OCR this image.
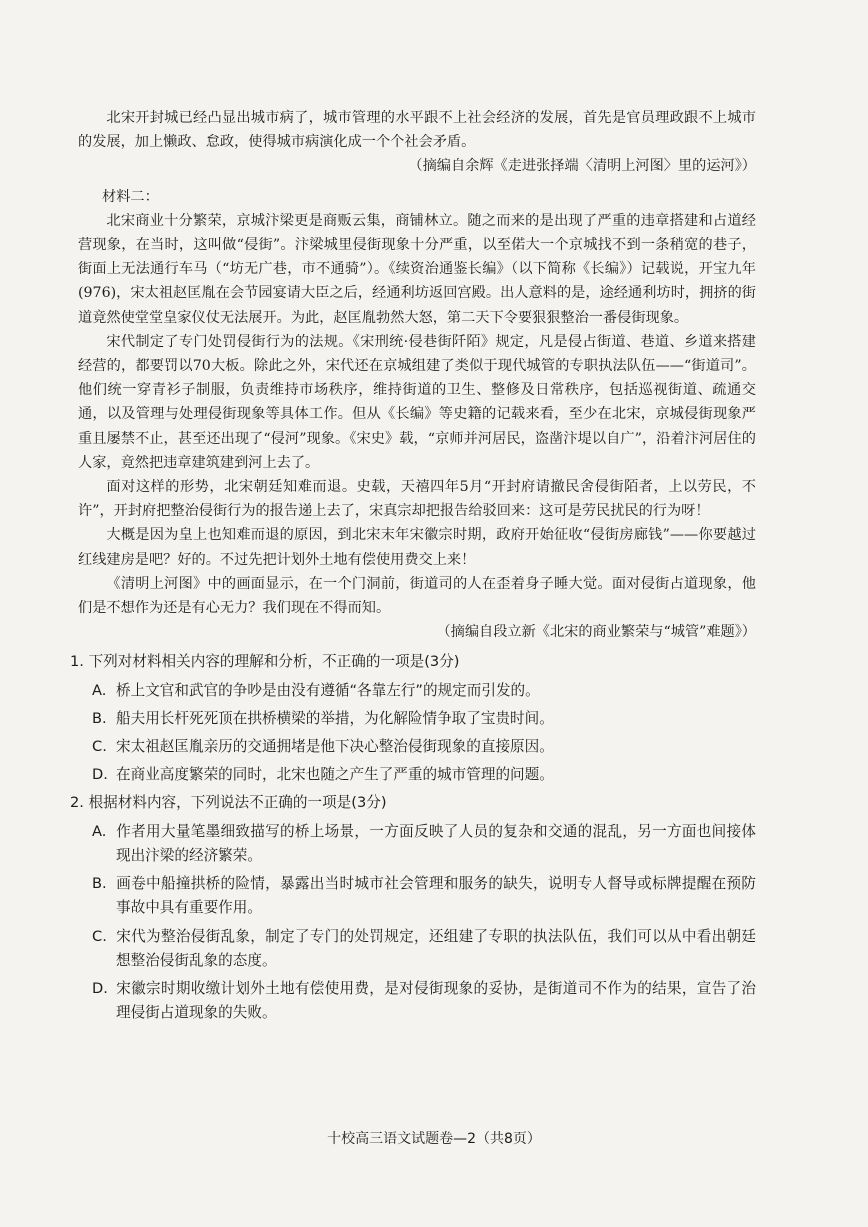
北宋开封城已经凸显出城市病了，城市管理的水平跟不上社会经济的发展，首先是官员理政跟不上城市的发展，加上懒政、怠政，使得城市病演化成一个个社会矛盾。

（摘编自余辉《走进张择端〈清明上河图〉里的运河》）

材料二：

北宋商业十分繁荣，京城汴梁更是商贩云集，商铺林立。随之而来的是出现了严重的违章搭建和占道经营现象，在当时，这叫做“侵街”。汴梁城里侵街现象十分严重，以至偌大一个京城找不到一条稍宽的巷子，街面上无法通行车马（“坊无广巷，市不通骑”）。《续资治通鉴长编》（以下简称《长编》）记载说，开宝九年(976)，宋太祖赵匡胤在会节园宴请大臣之后，经通利坊返回宫殿。出人意料的是，途经通利坊时，拥挤的街道竟然使堂堂皇家仪仗无法展开。为此，赵匡胤勃然大怒，第二天下令要狠狠整治一番侵街现象。

宋代制定了专门处罚侵街行为的法规。《宋刑统·侵巷街阡陌》规定，凡是侵占街道、巷道、乡道来搭建经营的，都要罚以70大板。除此之外，宋代还在京城组建了类似于现代城管的专职执法队伍——“街道司”。他们统一穿青衫子制服，负责维持市场秩序，维持街道的卫生、整修及日常秩序，包括巡视街道、疏通交通，以及管理与处理侵街现象等具体工作。但从《长编》等史籍的记载来看，至少在北宋，京城侵街现象严重且屡禁不止，甚至还出现了“侵河”现象。《宋史》载，“京师并河居民，盗凿汴堤以自广”，沿着汴河居住的人家，竟然把违章建筑建到河上去了。

面对这样的形势，北宋朝廷知难而退。史载，天禧四年5月“开封府请撤民舍侵街陌者，上以劳民，不许”，开封府把整治侵街行为的报告递上去了，宋真宗却把报告给驳回来：这可是劳民扰民的行为呀！

大概是因为皇上也知难而退的原因，到北宋末年宋徽宗时期，政府开始征收“侵街房廊钱”——你要越过红线建房是吧？好的。不过先把计划外土地有偿使用费交上来！

《清明上河图》中的画面显示，在一个门洞前，街道司的人在歪着身子睡大觉。面对侵街占道现象，他们是不想作为还是有心无力？我们现在不得而知。

（摘编自段立新《北宋的商业繁荣与“城管”难题》）

1. 下列对材料相关内容的理解和分析，不正确的一项是(3分)

A. 桥上文官和武官的争吵是由没有遵循“各靠左行”的规定而引发的。

B. 船夫用长杆死死顶在拱桥横梁的举措，为化解险情争取了宝贵时间。

C. 宋太祖赵匡胤亲历的交通拥堵是他下决心整治侵街现象的直接原因。

D. 在商业高度繁荣的同时，北宋也随之产生了严重的城市管理的问题。

2. 根据材料内容，下列说法不正确的一项是(3分)

A. 作者用大量笔墨细致描写的桥上场景，一方面反映了人员的复杂和交通的混乱，另一方面也间接体现出汴梁的经济繁荣。

B. 画卷中船撞拱桥的险情，暴露出当时城市社会管理和服务的缺失，说明专人督导或标牌提醒在预防事故中具有重要作用。

C. 宋代为整治侵街乱象，制定了专门的处罚规定，还组建了专职的执法队伍，我们可以从中看出朝廷想整治侵街乱象的态度。

D. 宋徽宗时期收缴计划外土地有偿使用费，是对侵街现象的妥协，是街道司不作为的结果，宣告了治理侵街占道现象的失败。

十校高三语文试题卷—2（共8页）
